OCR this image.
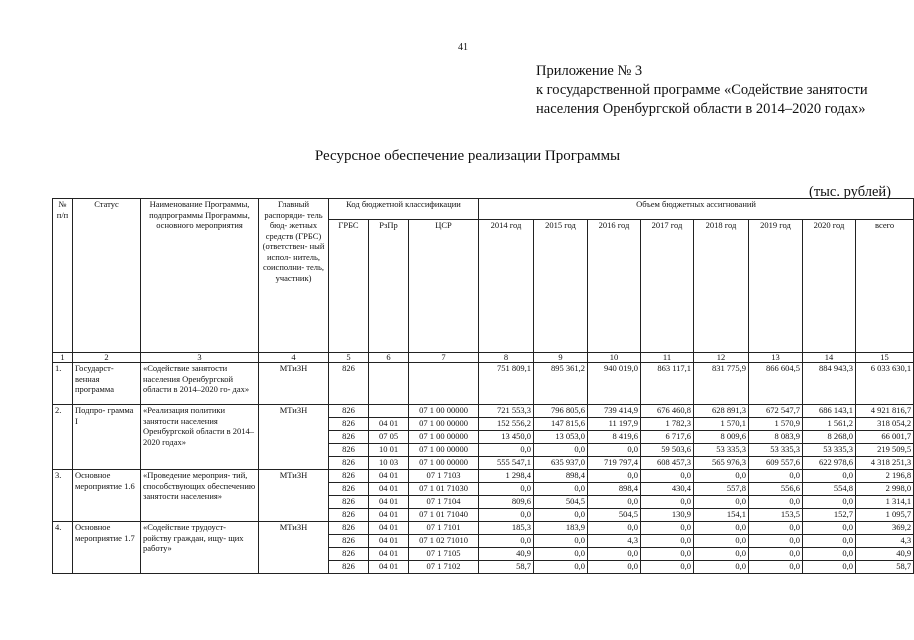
41
Приложение № 3
к государственной программе «Содействие занятости
населения Оренбургской области в 2014–2020 годах»
Ресурсное обеспечение реализации Программы
(тыс. рублей)
№ п/п	Статус	Наименование Программы, подпрограммы Программы, основного мероприятия	Главный распоряди- тель бюд- жетных средств (ГРБС) (ответствен- ный испол- нитель, соисполни- тель, участник)	Код бюджетной классификации			Объем бюджетных ассигнований							
				ГРБС	РзПр	ЦСР	2014 год	2015 год	2016 год	2017 год	2018 год	2019 год	2020 год	всего
1	2	3	4	5	6	7	8	9	10	11	12	13	14	15
1.	Государст- венная программа	«Содействие занятости населения Оренбургской области в 2014–2020 го- дах»	МТиЗН	826			751 809,1	895 361,2	940 019,0	863 117,1	831 775,9	866 604,5	884 943,3	6 033 630,1
2.	Подпро- грамма I	«Реализация политики занятости населения Оренбургской области в 2014–2020 годах»	МТиЗН	826		07 1 00 00000	721 553,3	796 805,6	739 414,9	676 460,8	628 891,3	672 547,7	686 143,1	4 921 816,7
				826	04 01	07 1 00 00000	152 556,2	147 815,6	11 197,9	1 782,3	1 570,1	1 570,9	1 561,2	318 054,2
				826	07 05	07 1 00 00000	13 450,0	13 053,0	8 419,6	6 717,6	8 009,6	8 083,9	8 268,0	66 001,7
				826	10 01	07 1 00 00000	0,0	0,0	0,0	59 503,6	53 335,3	53 335,3	53 335,3	219 509,5
				826	10 03	07 1 00 00000	555 547,1	635 937,0	719 797,4	608 457,3	565 976,3	609 557,6	622 978,6	4 318 251,3
3.	Основное мероприятие 1.6	«Проведение мероприя- тий, способствующих обеспечению занятости населения»	МТиЗН	826	04 01	07 1 7103	1 298,4	898,4	0,0	0,0	0,0	0,0	0,0	2 196,8
				826	04 01	07 1 01 71030	0,0	0,0	898,4	430,4	557,8	556,6	554,8	2 998,0
				826	04 01	07 1 7104	809,6	504,5	0,0	0,0	0,0	0,0	0,0	1 314,1
				826	04 01	07 1 01 71040	0,0	0,0	504,5	130,9	154,1	153,5	152,7	1 095,7
4.	Основное мероприятие 1.7	«Содействие трудоуст- ройству граждан, ищу- щих работу»	МТиЗН	826	04 01	07 1 7101	185,3	183,9	0,0	0,0	0,0	0,0	0,0	369,2
				826	04 01	07 1 02 71010	0,0	0,0	4,3	0,0	0,0	0,0	0,0	4,3
				826	04 01	07 1 7105	40,9	0,0	0,0	0,0	0,0	0,0	0,0	40,9
				826	04 01	07 1 7102	58,7	0,0	0,0	0,0	0,0	0,0	0,0	58,7
